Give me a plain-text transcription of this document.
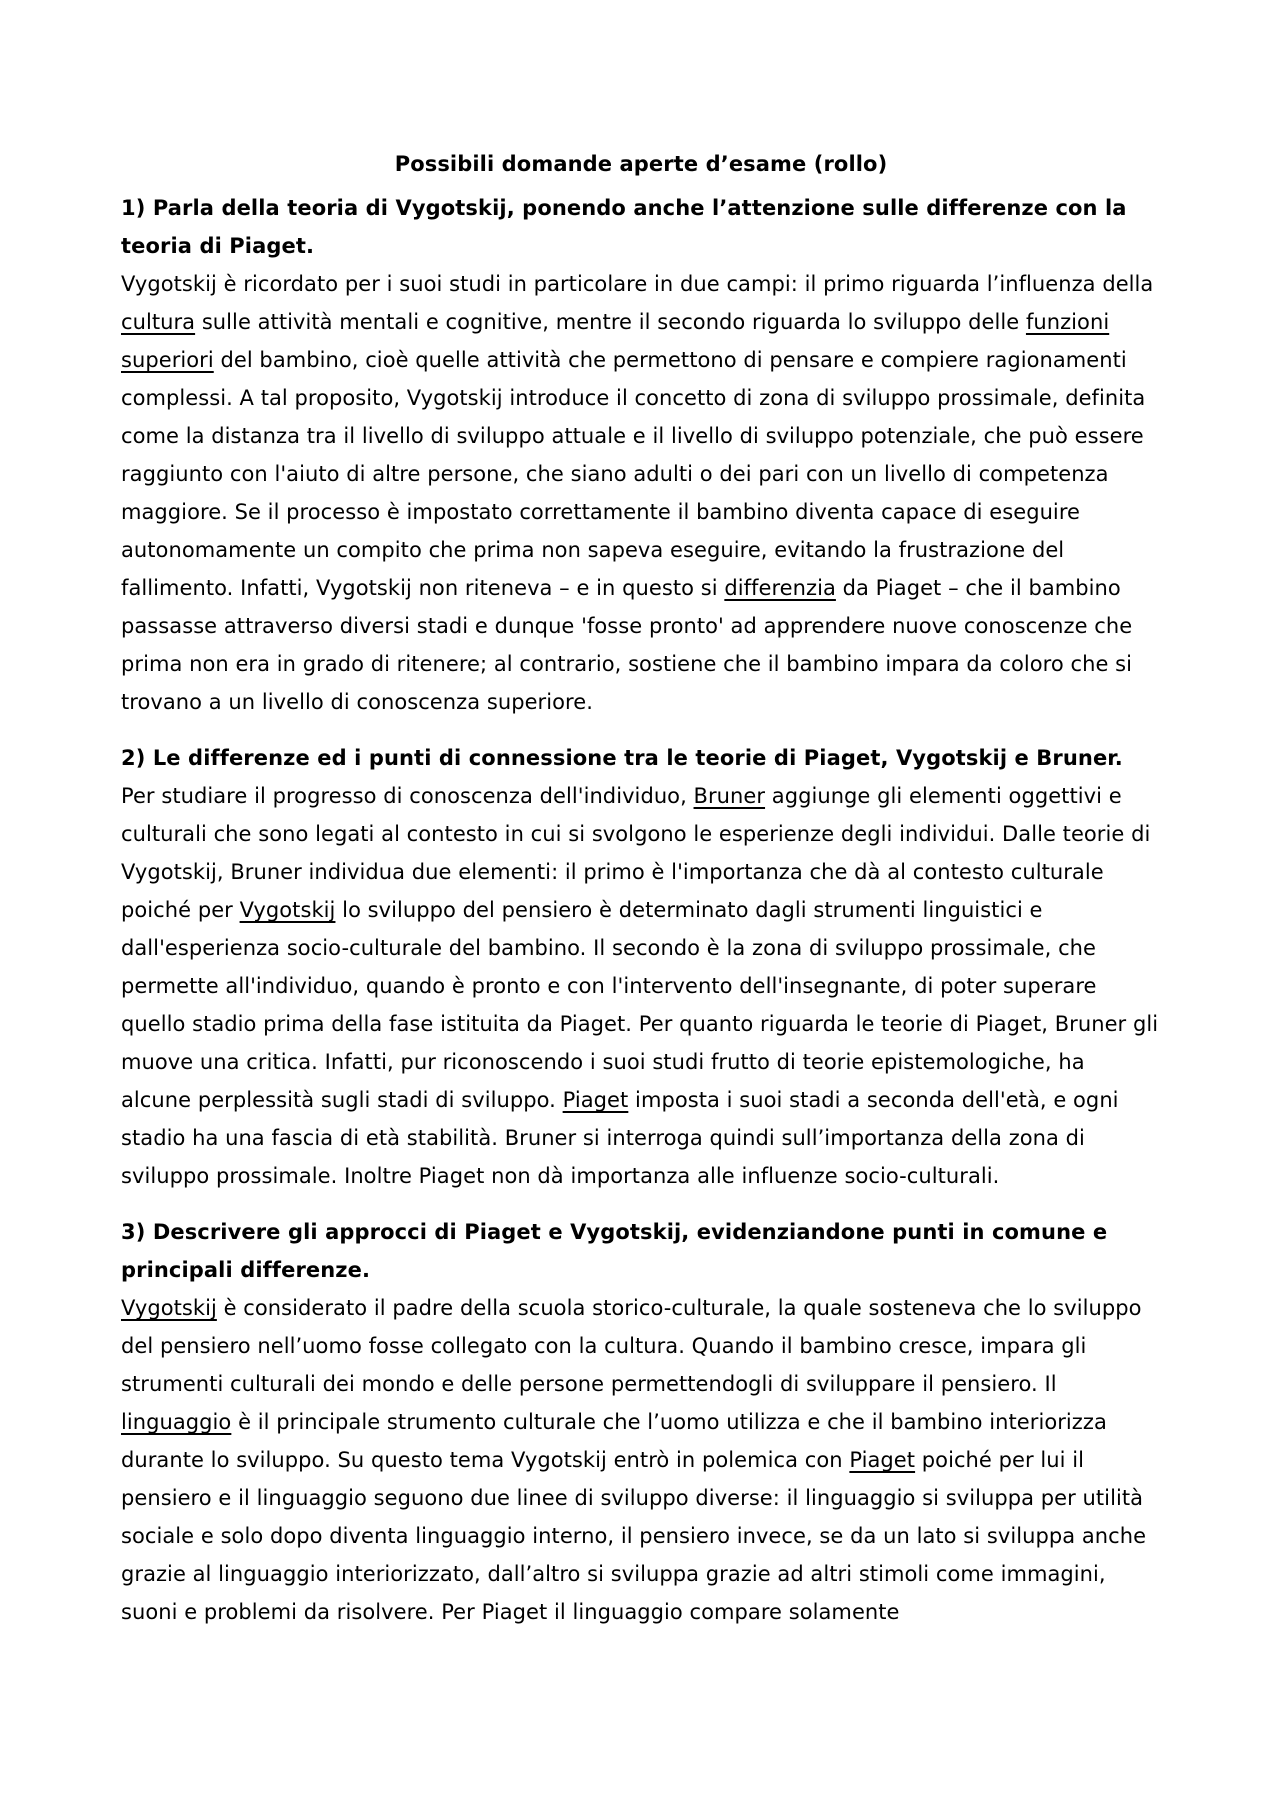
Possibili domande aperte d’esame (rollo)

1) Parla della teoria di Vygotskij, ponendo anche l’attenzione sulle differenze con la teoria di Piaget.

Vygotskij è ricordato per i suoi studi in particolare in due campi: il primo riguarda l’influenza della cultura sulle attività mentali e cognitive, mentre il secondo riguarda lo sviluppo delle funzioni superiori del bambino, cioè quelle attività che permettono di pensare e compiere ragionamenti complessi. A tal proposito, Vygotskij introduce il concetto di zona di sviluppo prossimale, definita come la distanza tra il livello di sviluppo attuale e il livello di sviluppo potenziale, che può essere raggiunto con l'aiuto di altre persone, che siano adulti o dei pari con un livello di competenza maggiore. Se il processo è impostato correttamente il bambino diventa capace di eseguire autonomamente un compito che prima non sapeva eseguire, evitando la frustrazione del fallimento. Infatti, Vygotskij non riteneva – e in questo si differenzia da Piaget – che il bambino passasse attraverso diversi stadi e dunque 'fosse pronto' ad apprendere nuove conoscenze che prima non era in grado di ritenere; al contrario, sostiene che il bambino impara da coloro che si trovano a un livello di conoscenza superiore.

2) Le differenze ed i punti di connessione tra le teorie di Piaget, Vygotskij e Bruner.

Per studiare il progresso di conoscenza dell'individuo, Bruner aggiunge gli elementi oggettivi e culturali che sono legati al contesto in cui si svolgono le esperienze degli individui. Dalle teorie di Vygotskij, Bruner individua due elementi: il primo è l'importanza che dà al contesto culturale poiché per Vygotskij lo sviluppo del pensiero è determinato dagli strumenti linguistici e dall'esperienza socio-culturale del bambino. Il secondo è la zona di sviluppo prossimale, che permette all'individuo, quando è pronto e con l'intervento dell'insegnante, di poter superare quello stadio prima della fase istituita da Piaget. Per quanto riguarda le teorie di Piaget, Bruner gli muove una critica. Infatti, pur riconoscendo i suoi studi frutto di teorie epistemologiche, ha alcune perplessità sugli stadi di sviluppo. Piaget imposta i suoi stadi a seconda dell'età, e ogni stadio ha una fascia di età stabilità. Bruner si interroga quindi sull’importanza della zona di sviluppo prossimale. Inoltre Piaget non dà importanza alle influenze socio-culturali.

3) Descrivere gli approcci di Piaget e Vygotskij, evidenziandone punti in comune e principali differenze.

Vygotskij è considerato il padre della scuola storico-culturale, la quale sosteneva che lo sviluppo del pensiero nell’uomo fosse collegato con la cultura. Quando il bambino cresce, impara gli strumenti culturali dei mondo e delle persone permettendogli di sviluppare il pensiero. Il linguaggio è il principale strumento culturale che l’uomo utilizza e che il bambino interiorizza durante lo sviluppo. Su questo tema Vygotskij entrò in polemica con Piaget poiché per lui il pensiero e il linguaggio seguono due linee di sviluppo diverse: il linguaggio si sviluppa per utilità sociale e solo dopo diventa linguaggio interno, il pensiero invece, se da un lato si sviluppa anche grazie al linguaggio interiorizzato, dall’altro si sviluppa grazie ad altri stimoli come immagini, suoni e problemi da risolvere. Per Piaget il linguaggio compare solamente
